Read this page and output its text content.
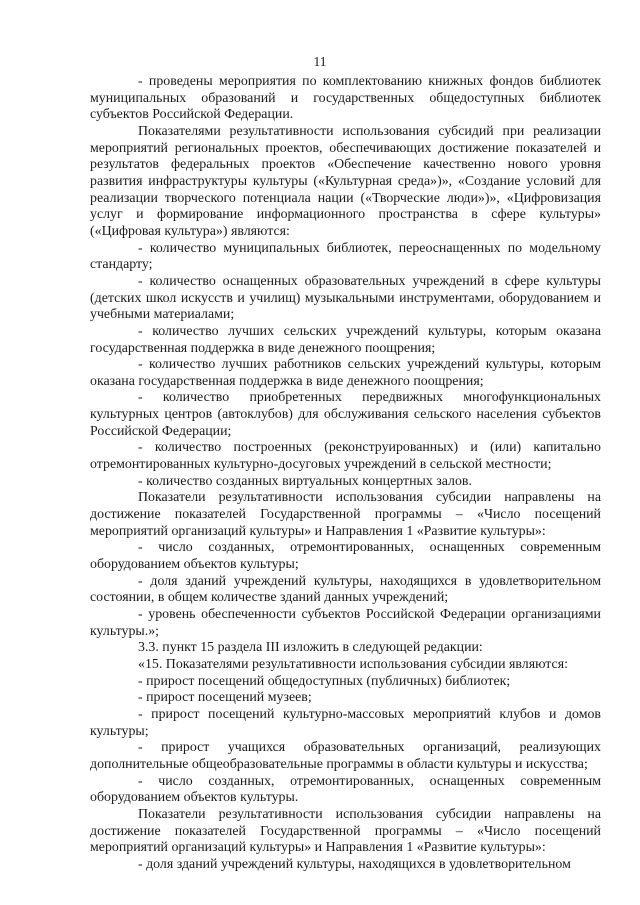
11

- проведены мероприятия по комплектованию книжных фондов библиотек муниципальных образований и государственных общедоступных библиотек субъектов Российской Федерации.

Показателями результативности использования субсидий при реализации мероприятий региональных проектов, обеспечивающих достижение показателей и результатов федеральных проектов «Обеспечение качественно нового уровня развития инфраструктуры культуры («Культурная среда»)», «Создание условий для реализации творческого потенциала нации («Творческие люди»)», «Цифровизация услуг и формирование информационного пространства в сфере культуры» («Цифровая культура») являются:

- количество муниципальных библиотек, переоснащенных по модельному стандарту;

- количество оснащенных образовательных учреждений в сфере культуры (детских школ искусств и училищ) музыкальными инструментами, оборудованием и учебными материалами;

- количество лучших сельских учреждений культуры, которым оказана государственная поддержка в виде денежного поощрения;

- количество лучших работников сельских учреждений культуры, которым оказана государственная поддержка в виде денежного поощрения;

- количество приобретенных передвижных многофункциональных культурных центров (автоклубов) для обслуживания сельского населения субъектов Российской Федерации;

- количество построенных (реконструированных) и (или) капитально отремонтированных культурно-досуговых учреждений в сельской местности;

- количество созданных виртуальных концертных залов.

Показатели результативности использования субсидии направлены на достижение показателей Государственной программы – «Число посещений мероприятий организаций культуры» и Направления 1 «Развитие культуры»:

- число созданных, отремонтированных, оснащенных современным оборудованием объектов культуры;

- доля зданий учреждений культуры, находящихся в удовлетворительном состоянии, в общем количестве зданий данных учреждений;

- уровень обеспеченности субъектов Российской Федерации организациями культуры.»;

3.3. пункт 15 раздела III изложить в следующей редакции:

«15. Показателями результативности использования субсидии являются:

- прирост посещений общедоступных (публичных) библиотек;

- прирост посещений музеев;

- прирост посещений культурно-массовых мероприятий клубов и домов культуры;

- прирост учащихся образовательных организаций, реализующих дополнительные общеобразовательные программы в области культуры и искусства;

- число созданных, отремонтированных, оснащенных современным оборудованием объектов культуры.

Показатели результативности использования субсидии направлены на достижение показателей Государственной программы – «Число посещений мероприятий организаций культуры» и Направления 1 «Развитие культуры»:

- доля зданий учреждений культуры, находящихся в удовлетворительном
